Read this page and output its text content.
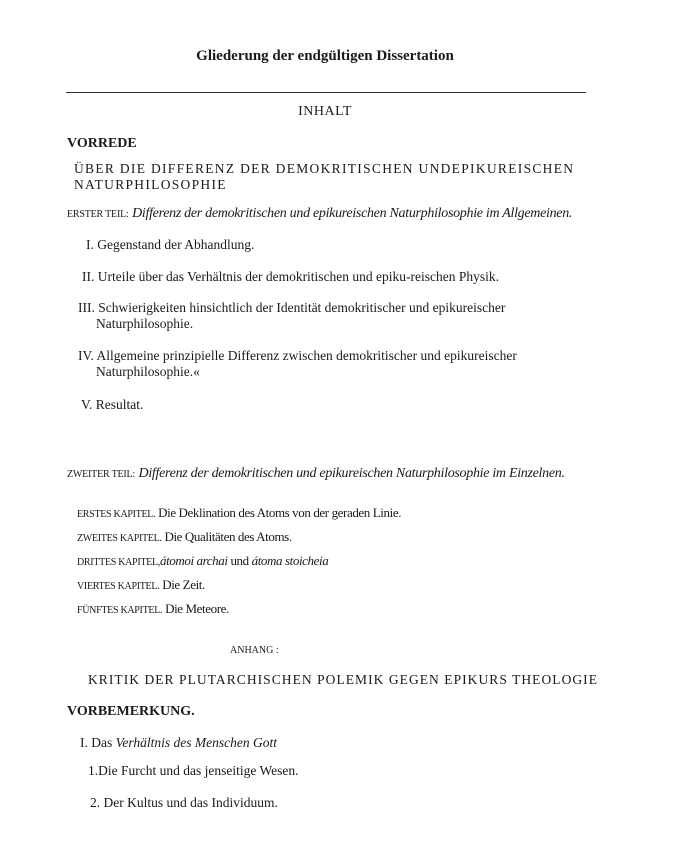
Gliederung der endgültigen Dissertation
INHALT
VORREDE
ÜBER DIE DIFFERENZ DER DEMOKRITISCHEN UNDEPIKUREISCHEN
NATURPHILOSOPHIE
ERSTER TEIL: Differenz der demokritischen und epikureischen Naturphilosophie im Allgemeinen.
I. Gegenstand der Abhandlung.
II. Urteile über das Verhältnis der demokritischen und epiku-reischen Physik.
III. Schwierigkeiten hinsichtlich der Identität demokritischer und epikureischer
Naturphilosophie.
IV. Allgemeine prinzipielle Differenz zwischen demokritischer und epikureischer
Naturphilosophie.«
V. Resultat.
ZWEITER TEIL: Differenz der demokritischen und epikureischen Naturphilosophie im Einzelnen.
ERSTES KAPITEL. Die Deklination des Atoms von der geraden Linie.
ZWEITES KAPITEL. Die Qualitäten des Atoms.
DRITTES KAPITEL,átomoi archai und átoma stoicheia
VIERTES KAPITEL. Die Zeit.
FÜNFTES KAPITEL. Die Meteore.
ANHANG :
KRITIK DER PLUTARCHISCHEN POLEMIK GEGEN EPIKURS THEOLOGIE
VORBEMERKUNG.
I. Das Verhältnis des Menschen Gott
1.Die Furcht und das jenseitige Wesen.
2. Der Kultus und das Individuum.
